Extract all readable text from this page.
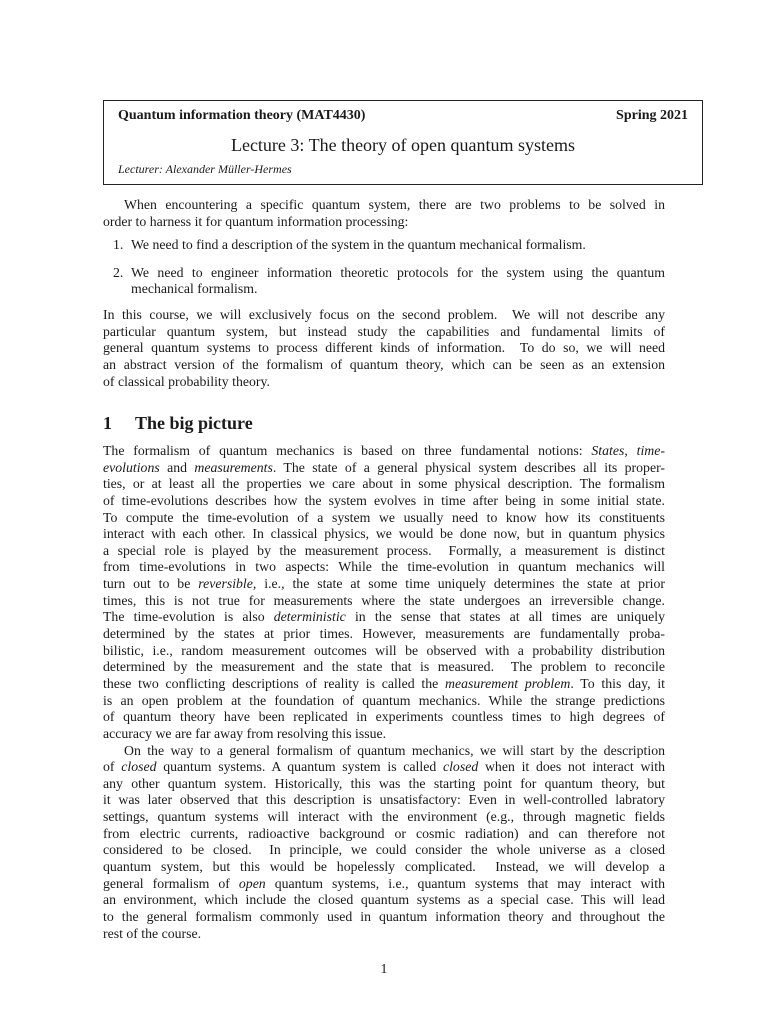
Quantum information theory (MAT4430)	Spring 2021
Lecture 3: The theory of open quantum systems
Lecturer: Alexander Müller-Hermes
When encountering a specific quantum system, there are two problems to be solved in
order to harness it for quantum information processing:
1. We need to find a description of the system in the quantum mechanical formalism.
2. We need to engineer information theoretic protocols for the system using the quantum
mechanical formalism.
In this course, we will exclusively focus on the second problem.  We will not describe any
particular quantum system, but instead study the capabilities and fundamental limits of
general quantum systems to process different kinds of information.  To do so, we will need
an abstract version of the formalism of quantum theory, which can be seen as an extension
of classical probability theory.
1 The big picture
The formalism of quantum mechanics is based on three fundamental notions: States, time-
evolutions and measurements. The state of a general physical system describes all its proper-
ties, or at least all the properties we care about in some physical description. The formalism
of time-evolutions describes how the system evolves in time after being in some initial state.
To compute the time-evolution of a system we usually need to know how its constituents
interact with each other. In classical physics, we would be done now, but in quantum physics
a special role is played by the measurement process.  Formally, a measurement is distinct
from time-evolutions in two aspects: While the time-evolution in quantum mechanics will
turn out to be reversible, i.e., the state at some time uniquely determines the state at prior
times, this is not true for measurements where the state undergoes an irreversible change.
The time-evolution is also deterministic in the sense that states at all times are uniquely
determined by the states at prior times. However, measurements are fundamentally proba-
bilistic, i.e., random measurement outcomes will be observed with a probability distribution
determined by the measurement and the state that is measured.  The problem to reconcile
these two conflicting descriptions of reality is called the measurement problem. To this day, it
is an open problem at the foundation of quantum mechanics. While the strange predictions
of quantum theory have been replicated in experiments countless times to high degrees of
accuracy we are far away from resolving this issue.
On the way to a general formalism of quantum mechanics, we will start by the description
of closed quantum systems. A quantum system is called closed when it does not interact with
any other quantum system. Historically, this was the starting point for quantum theory, but
it was later observed that this description is unsatisfactory: Even in well-controlled labratory
settings, quantum systems will interact with the environment (e.g., through magnetic fields
from electric currents, radioactive background or cosmic radiation) and can therefore not
considered to be closed.  In principle, we could consider the whole universe as a closed
quantum system, but this would be hopelessly complicated.  Instead, we will develop a
general formalism of open quantum systems, i.e., quantum systems that may interact with
an environment, which include the closed quantum systems as a special case. This will lead
to the general formalism commonly used in quantum information theory and throughout the
rest of the course.
1
